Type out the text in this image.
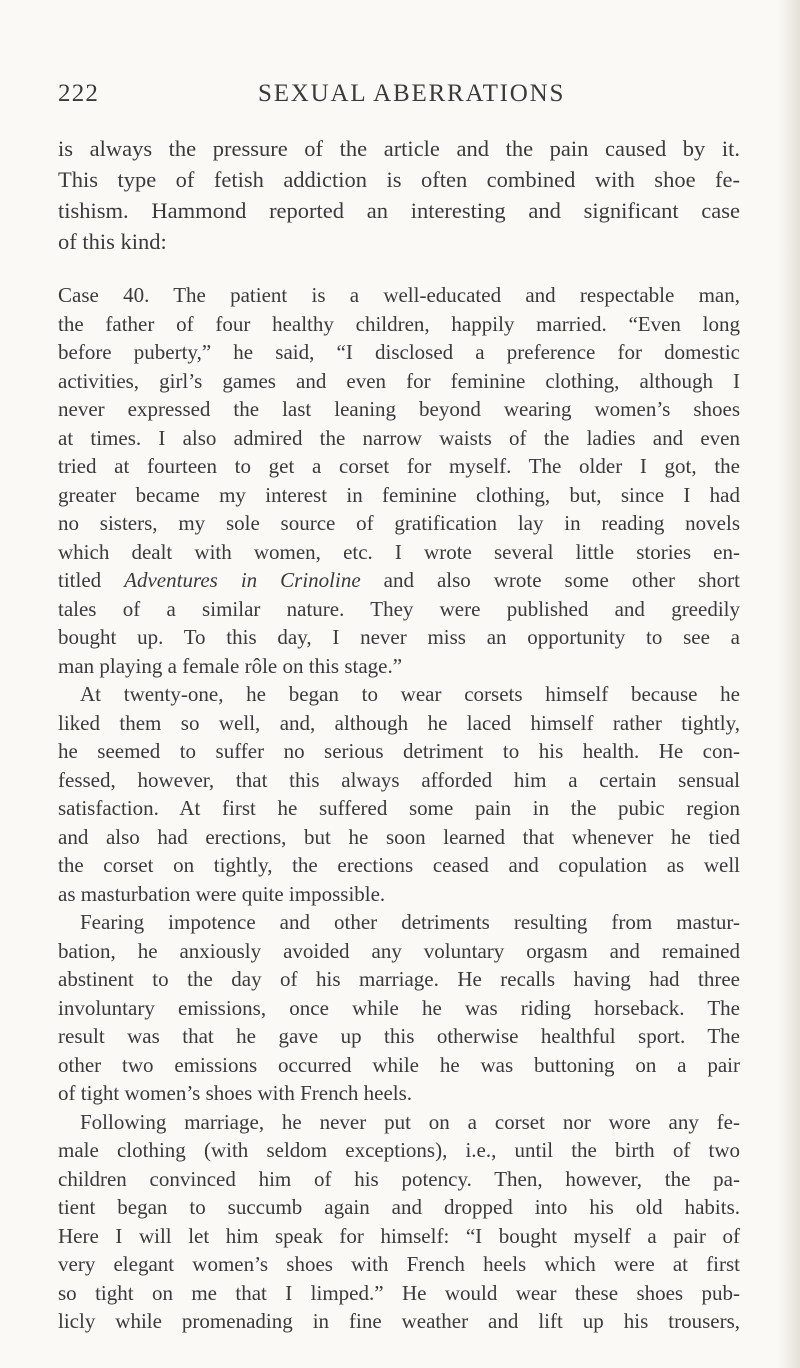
222	SEXUAL ABERRATIONS
is always the pressure of the article and the pain caused by it.
This type of fetish addiction is often combined with shoe fe-
tishism. Hammond reported an interesting and significant case
of this kind:
Case 40. The patient is a well-educated and respectable man,
the father of four healthy children, happily married. “Even long
before puberty,” he said, “I disclosed a preference for domestic
activities, girl’s games and even for feminine clothing, although I
never expressed the last leaning beyond wearing women’s shoes
at times. I also admired the narrow waists of the ladies and even
tried at fourteen to get a corset for myself. The older I got, the
greater became my interest in feminine clothing, but, since I had
no sisters, my sole source of gratification lay in reading novels
which dealt with women, etc. I wrote several little stories en-
titled Adventures in Crinoline and also wrote some other short
tales of a similar nature. They were published and greedily
bought up. To this day, I never miss an opportunity to see a
man playing a female rôle on this stage.”
At twenty-one, he began to wear corsets himself because he
liked them so well, and, although he laced himself rather tightly,
he seemed to suffer no serious detriment to his health. He con-
fessed, however, that this always afforded him a certain sensual
satisfaction. At first he suffered some pain in the pubic region
and also had erections, but he soon learned that whenever he tied
the corset on tightly, the erections ceased and copulation as well
as masturbation were quite impossible.
Fearing impotence and other detriments resulting from mastur-
bation, he anxiously avoided any voluntary orgasm and remained
abstinent to the day of his marriage. He recalls having had three
involuntary emissions, once while he was riding horseback. The
result was that he gave up this otherwise healthful sport. The
other two emissions occurred while he was buttoning on a pair
of tight women’s shoes with French heels.
Following marriage, he never put on a corset nor wore any fe-
male clothing (with seldom exceptions), i.e., until the birth of two
children convinced him of his potency. Then, however, the pa-
tient began to succumb again and dropped into his old habits.
Here I will let him speak for himself: “I bought myself a pair of
very elegant women’s shoes with French heels which were at first
so tight on me that I limped.” He would wear these shoes pub-
licly while promenading in fine weather and lift up his trousers,
